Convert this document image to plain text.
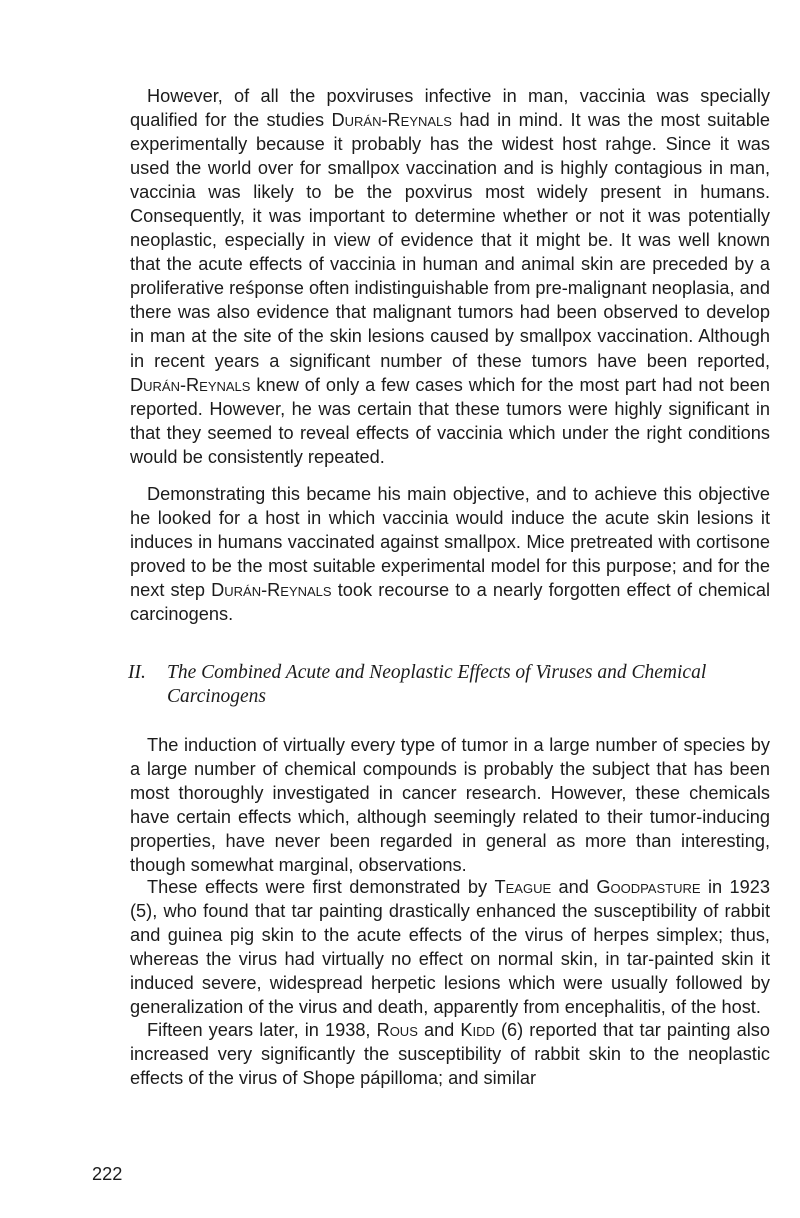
However, of all the poxviruses infective in man, vaccinia was specially qualified for the studies Durán-Reynals had in mind. It was the most suitable experimentally because it probably has the widest host rahge. Since it was used the world over for smallpox vaccination and is highly contagious in man, vaccinia was likely to be the poxvirus most widely present in humans. Consequently, it was important to determine whether or not it was potentially neoplastic, especially in view of evidence that it might be. It was well known that the acute effects of vaccinia in human and animal skin are preceded by a proliferative reśponse often indistinguishable from pre-malignant neoplasia, and there was also evidence that malignant tumors had been observed to develop in man at the site of the skin lesions caused by smallpox vaccination. Although in recent years a significant number of these tumors have been reported, Durán-Reynals knew of only a few cases which for the most part had not been reported. However, he was certain that these tumors were highly significant in that they seemed to reveal effects of vaccinia which under the right conditions would be consistently repeated.

Demonstrating this became his main objective, and to achieve this objective he looked for a host in which vaccinia would induce the acute skin lesions it induces in humans vaccinated against smallpox. Mice pretreated with cortisone proved to be the most suitable experimental model for this purpose; and for the next step Durán-Reynals took recourse to a nearly forgotten effect of chemical carcinogens.

II.	The Combined Acute and Neoplastic Effects of Viruses and Chemical Carcinogens

The induction of virtually every type of tumor in a large number of species by a large number of chemical compounds is probably the subject that has been most thoroughly investigated in cancer research. However, these chemicals have certain effects which, although seemingly related to their tumor-inducing properties, have never been regarded in general as more than interesting, though somewhat marginal, observations.

These effects were first demonstrated by Teague and Goodpasture in 1923 (5), who found that tar painting drastically enhanced the susceptibility of rabbit and guinea pig skin to the acute effects of the virus of herpes simplex; thus, whereas the virus had virtually no effect on normal skin, in tar-painted skin it induced severe, widespread herpetic lesions which were usually followed by generalization of the virus and death, apparently from encephalitis, of the host.

Fifteen years later, in 1938, Rous and Kidd (6) reported that tar painting also increased very significantly the susceptibility of rabbit skin to the neoplastic effects of the virus of Shope pápilloma; and similar

222
